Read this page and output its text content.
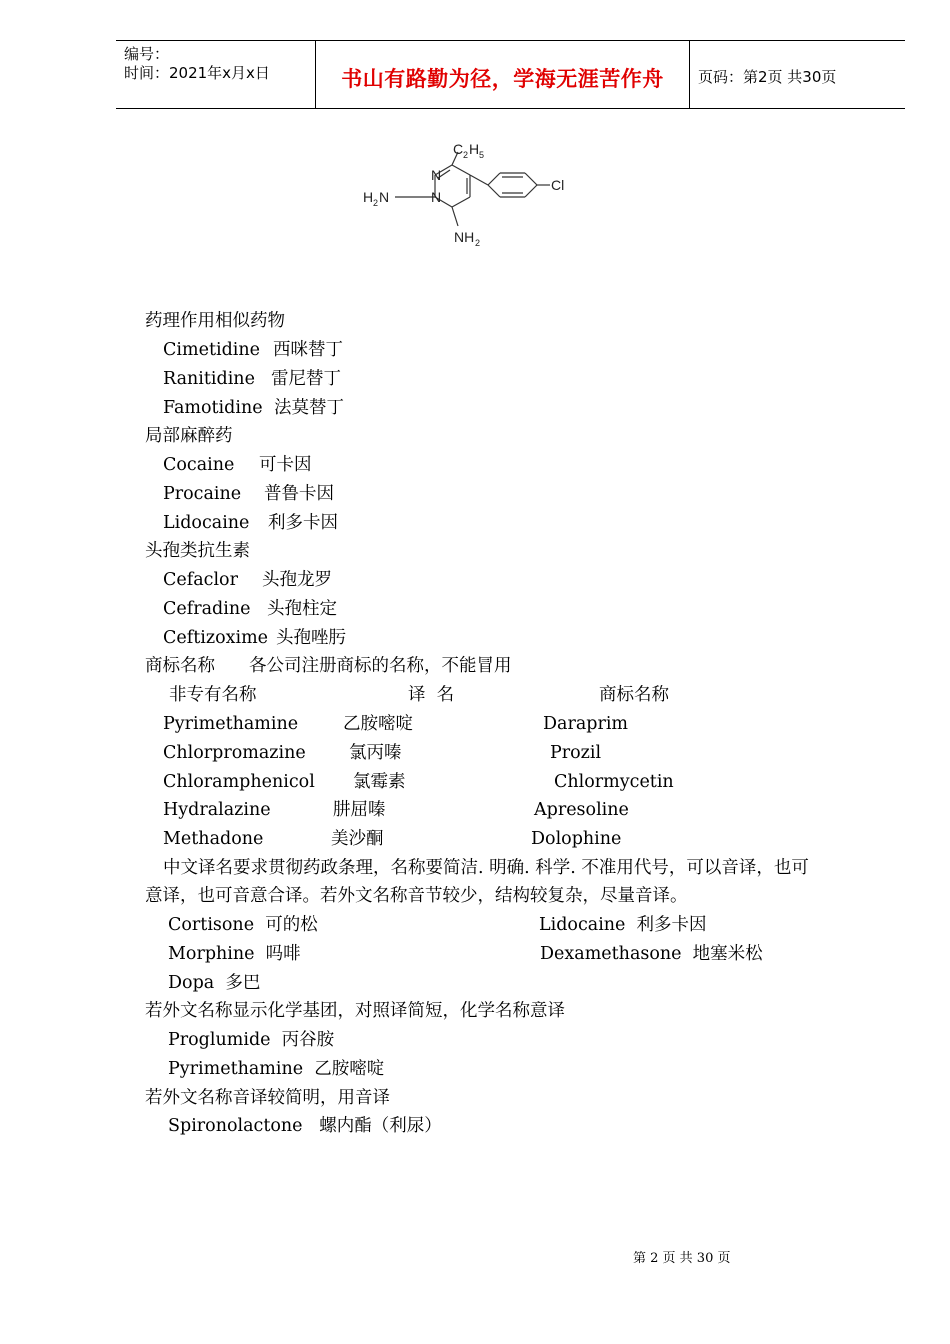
编号：
时间：2021年x月x日	书山有路勤为径，学海无涯苦作舟	页码：第2页 共30页
N
N
C 2 H 5
H 2 N
NH 2
Cl
药理作用相似药物
Cimetidine 西咪替丁
Ranitidine 雷尼替丁
Famotidine 法莫替丁
局部麻醉药
Cocaine 可卡因
Procaine 普鲁卡因
Lidocaine 利多卡因
头孢类抗生素
Cefaclor 头孢龙罗
Cefradine 头孢柱定
Ceftizoxime 头孢唑肟
商标名称 各公司注册商标的名称，不能冒用
非专有名称	译  名	商标名称
Pyrimethamine	乙胺嘧啶	Daraprim
Chlorpromazine 氯丙嗪	Prozil
Chloramphenicol 氯霉素	Chlormycetin
Hydralazine	肼屈嗪	Apresoline
Methadone	美沙酮	Dolophine
中文译名要求贯彻药政条理，名称要简洁. 明确. 科学. 不准用代号，可以音译，也可
意译，也可音意合译。若外文名称音节较少，结构较复杂，尽量音译。
Cortisone  可的松	Lidocaine  利多卡因
Morphine  吗啡	Dexamethasone  地塞米松
Dopa  多巴
若外文名称显示化学基团，对照译简短，化学名称意译
Proglumide  丙谷胺
Pyrimethamine  乙胺嘧啶
若外文名称音译较简明，用音译
Spironolactone   螺内酯（利尿）
第 2 页 共 30 页
